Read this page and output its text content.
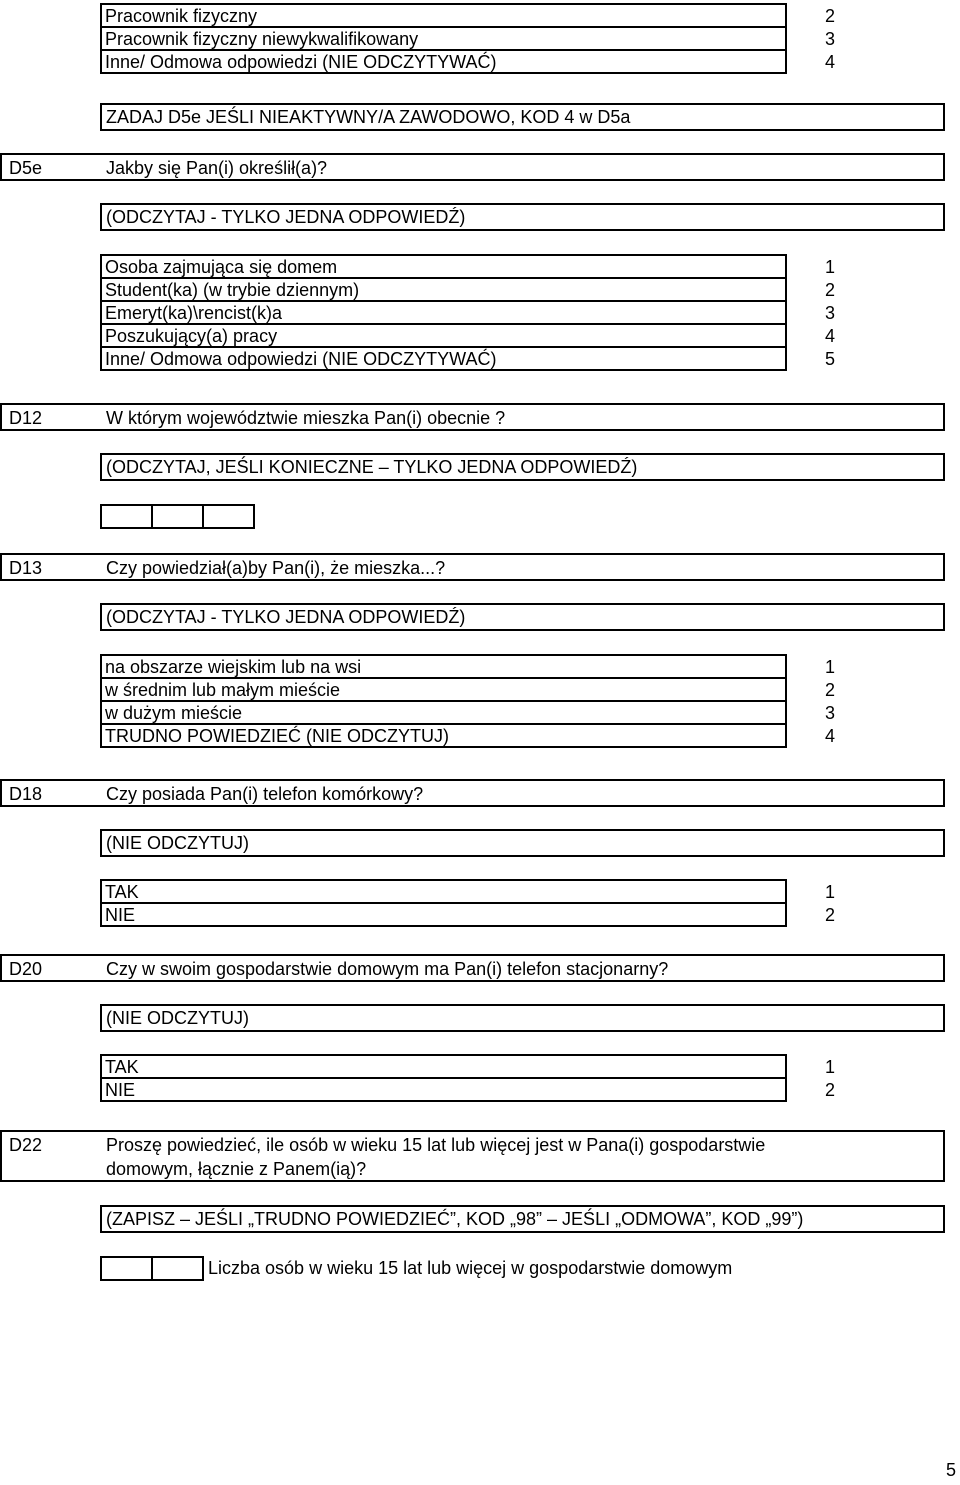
Pracownik fizyczny	2
Pracownik fizyczny niewykwalifikowany	3
Inne/ Odmowa odpowiedzi (NIE ODCZYTYWAĆ)	4
ZADAJ D5e JEŚLI NIEAKTYWNY/A ZAWODOWO, KOD 4 w D5a
D5e	Jakby się Pan(i) określił(a)?
(ODCZYTAJ - TYLKO JEDNA ODPOWIEDŹ)
Osoba zajmująca się domem	1
Student(ka) (w trybie dziennym)	2
Emeryt(ka)\rencist(k)a	3
Poszukujący(a) pracy	4
Inne/ Odmowa odpowiedzi (NIE ODCZYTYWAĆ)	5
D12	W którym województwie mieszka Pan(i) obecnie ?
(ODCZYTAJ, JEŚLI KONIECZNE – TYLKO JEDNA ODPOWIEDŹ)
D13	Czy powiedział(a)by Pan(i), że mieszka...?
(ODCZYTAJ - TYLKO JEDNA ODPOWIEDŹ)
na obszarze wiejskim lub na wsi	1
w średnim lub małym mieście	2
w dużym mieście	3
TRUDNO POWIEDZIEĆ (NIE ODCZYTUJ)	4
D18	Czy posiada Pan(i) telefon komórkowy?
(NIE ODCZYTUJ)
TAK	1
NIE	2
D20	Czy w swoim gospodarstwie domowym ma Pan(i) telefon stacjonarny?
(NIE ODCZYTUJ)
TAK	1
NIE	2
D22	Proszę powiedzieć, ile osób w wieku 15 lat lub więcej jest w Pana(i) gospodarstwie
domowym, łącznie z Panem(ią)?
(ZAPISZ – JEŚLI „TRUDNO POWIEDZIEĆ”, KOD „98” – JEŚLI „ODMOWA”, KOD „99”)
Liczba osób w wieku 15 lat lub więcej w gospodarstwie domowym
5
